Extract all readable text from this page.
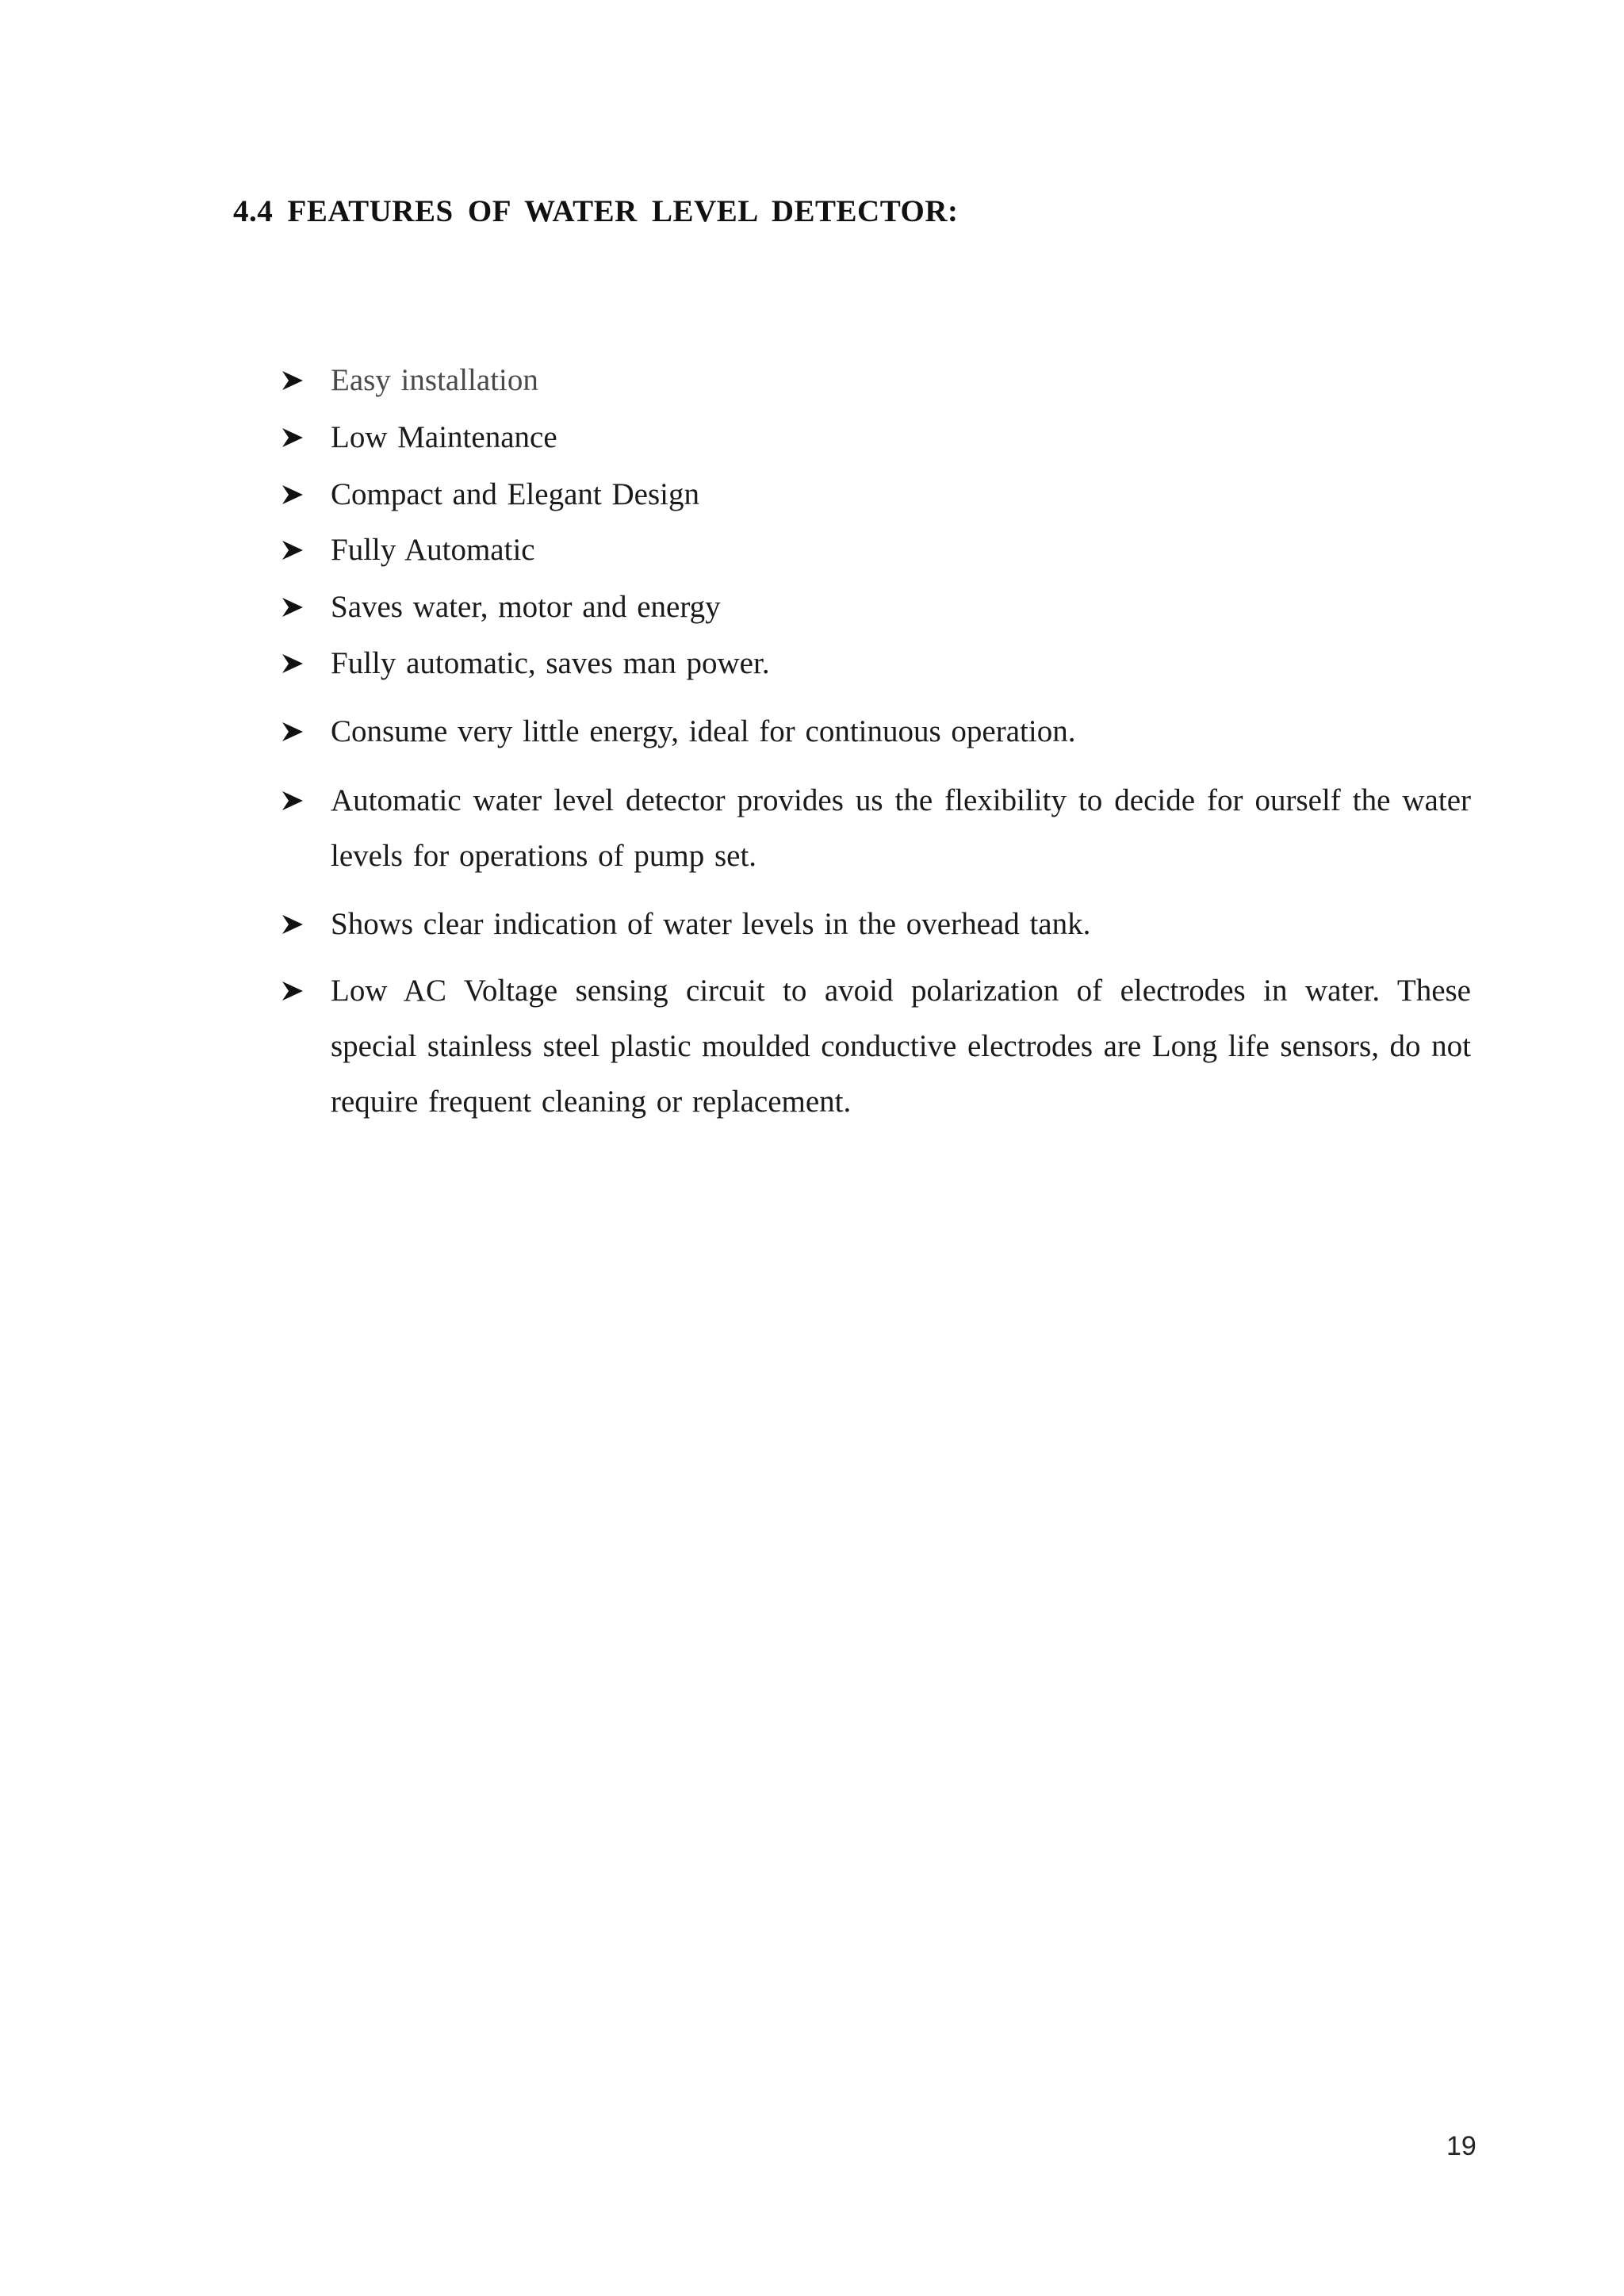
4.4 FEATURES OF WATER LEVEL DETECTOR:
Easy installation
Low Maintenance
Compact and Elegant Design
Fully Automatic
Saves water, motor and energy
Fully automatic, saves man power.
Consume very little energy, ideal for continuous operation.
Automatic water level detector provides us the flexibility to decide for ourself the water levels for operations of pump set.
Shows clear indication of water levels in the overhead tank.
Low AC Voltage sensing circuit to avoid polarization of electrodes in water. These special stainless steel plastic moulded conductive electrodes are Long life sensors, do not require frequent cleaning or replacement.
19
